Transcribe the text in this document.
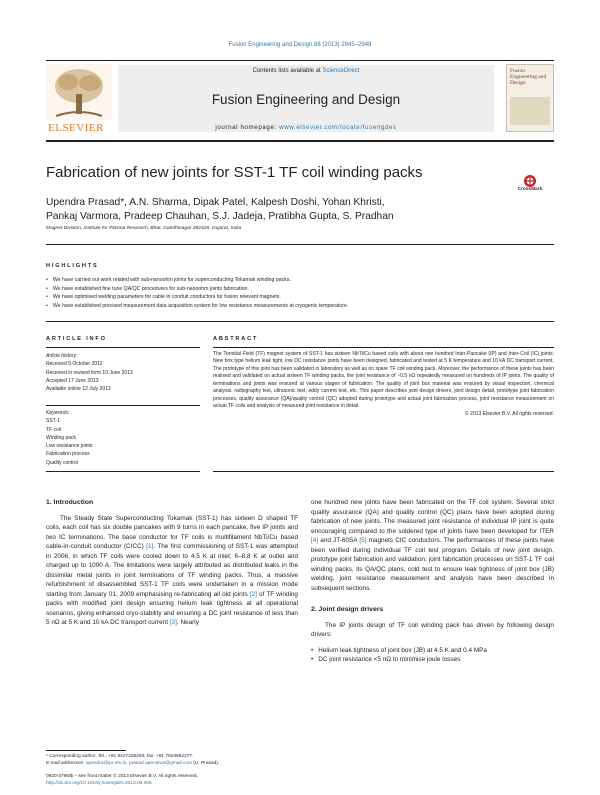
Fusion Engineering and Design 88 (2013) 2945–2949
ELSEVIER
Contents lists available at ScienceDirect
Fusion Engineering and Design
journal homepage: www.elsevier.com/locate/fusengdes
Fusion Engineering and Design
Fabrication of new joints for SST-1 TF coil winding packs
CrossMark
Upendra Prasad*, A.N. Sharma, Dipak Patel, Kalpesh Doshi, Yohan Khristi,
Pankaj Varmora, Pradeep Chauhan, S.J. Jadeja, Pratibha Gupta, S. Pradhan
Magnet Division, Institute for Plasma Research, Bhat, Gandhinagar 382428, Gujarat, India
HIGHLIGHTS
• We have carried out work related with sub-nanoohm joints for superconducting Tokamak winding packs.
• We have established fine tune QA/QC procedures for sub-nanoohm joints fabrication.
• We have optimised welding parameters for cable in conduit conductors for fusion relevant magnets.
• We have established precised measurement data acquisition system for low resistance measurements at cryogenic temperature.
ARTICLE INFO	ABSTRACT
Article history:
Received 9 October 2012
Received in revised form 10 June 2013
Accepted 17 June 2013
Available online 12 July 2013
Keywords:
SST-1
TF coil
Winding pack
Low resistance joints
Fabrication process
Quality control
The Toroidal Field (TF) magnet system of SST-1 has sixteen NbTi/Cu based coils with about one hundred Inter-Pancake (IP) and Inter-Coil (IC) joints. New box type helium leak tight, low DC resistance joints have been designed, fabricated and tested at 5 K temperature and 10 kA DC transport current. The prototype of this joint has been validated in laboratory as well as on spare TF coil winding pack. Moreover, the performance of these joints has been realised and validated on actual sixteen TF winding packs, the joint resistance of ~0.5 nΩ repeatedly measured on hundreds of IP joints. The quality of terminations and joints was ensured at various stages of fabrication. The quality of joint box material was ensured by visual inspection, chemical analysis, radiography test, ultrasonic test, eddy current test, etc. This paper describes joint design drivers, joint design detail, prototype joint fabrication processes, quality assurance (QA)/quality control (QC) adopted during prototype and actual joint fabrication process, joint resistance measurement on actual TF coils and analysis of measured joint resistance in detail.
© 2013 Elsevier B.V. All rights reserved.
1. Introduction
The Steady State Superconducting Tokamak (SST-1) has sixteen D shaped TF coils, each coil has six double pancakes with 9 turns in each pancake, five IP joints and two IC terminations. The base conductor for TF coils is multifilament NbTi/Cu based cable-in-conduit conductor (CICC) [1]. The first commissioning of SST-1 was attempted in 2006, in which TF coils were cooled down to 4.5 K at inlet; 6–8.8 K at outlet and charged up to 1000 A. The limitations were largely attributed as distributed leaks in the dissimilar metal joints in joint terminations of TF winding packs. Thus, a massive refurbishment of disassembled SST-1 TF coils were undertaken in a mission mode starting from January 01, 2009 emphasising re-fabricating all old joints [2] of TF winding packs with modified joint design ensuring helium leak tightness at all operational scenarios, giving enhanced cryo-stability and ensuring a DC joint resistance of less than 5 nΩ at 5 K and 10 kA DC transport current [3]. Nearly
one hundred new joints have been fabricated on the TF coil system. Several strict quality assurance (QA) and quality control (QC) plans have been adopted during fabrication of new joints. The measured joint resistance of individual IP joint is quite encouraging compared to the soldered type of joints have been developed for ITER [4] and JT-60SA [5] magnets CIC conductors. The performances of these joints have been verified during individual TF coil test program. Details of new joint design, prototype joint fabrication and validation, joint fabrication processes on SST-1 TF coil winding packs, its QA/QC plans, cold test to ensure leak tightness of joint box (JB) welding, joint resistance measurement and analysis have been described in subsequent sections.
2. Joint design drivers
The IP joints design of TF coil winding pack has driven by following design drivers:
• Helium leak tightness of joint box (JB) at 4.5 K and 0.4 MPa
• DC joint resistance <5 nΩ to minimise joule losses
* Corresponding author. Tel.: +91 9427328293; fax: +91 7923962277.
E-mail addresses: upendra@ipr.res.in, prasad.upendra3@gmail.com (U. Prasad).
0920-3796/$ – see front matter © 2013 Elsevier B.V. All rights reserved.
http://dx.doi.org/10.1016/j.fusengdes.2013.06.005
